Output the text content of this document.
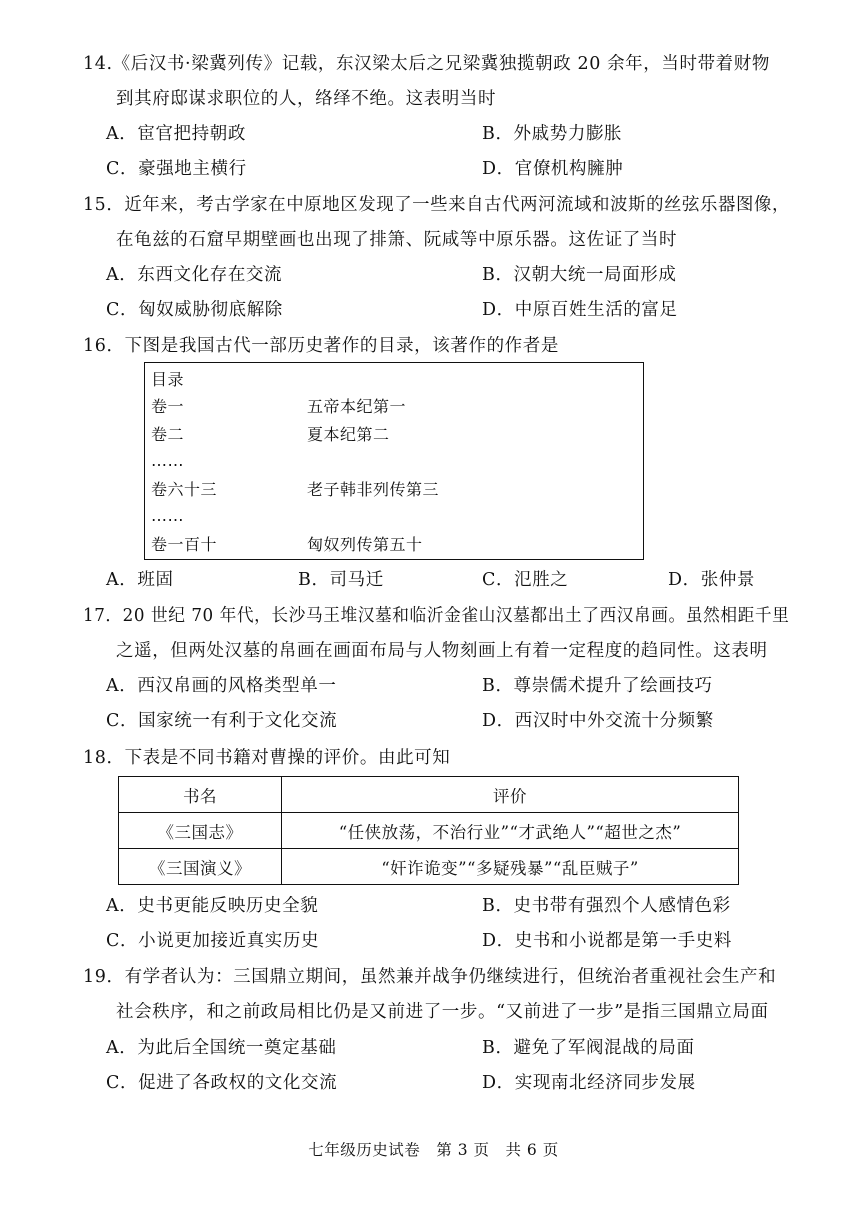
14.《后汉书·梁冀列传》记载，东汉梁太后之兄梁冀独揽朝政 20 余年，当时带着财物
到其府邸谋求职位的人，络绎不绝。这表明当时
A．宦官把持朝政	B．外戚势力膨胀
C．豪强地主横行	D．官僚机构臃肿
15．近年来，考古学家在中原地区发现了一些来自古代两河流域和波斯的丝弦乐器图像，
在龟兹的石窟早期壁画也出现了排箫、阮咸等中原乐器。这佐证了当时
A．东西文化存在交流	B．汉朝大统一局面形成
C．匈奴威胁彻底解除	D．中原百姓生活的富足
16．下图是我国古代一部历史著作的目录，该著作的作者是
目录
卷一	五帝本纪第一
卷二	夏本纪第二
……
卷六十三	老子韩非列传第三
……
卷一百十	匈奴列传第五十
A．班固	B．司马迁	C．氾胜之	D．张仲景
17．20 世纪 70 年代，长沙马王堆汉墓和临沂金雀山汉墓都出土了西汉帛画。虽然相距千里
之遥，但两处汉墓的帛画在画面布局与人物刻画上有着一定程度的趋同性。这表明
A．西汉帛画的风格类型单一	B．尊崇儒术提升了绘画技巧
C．国家统一有利于文化交流	D．西汉时中外交流十分频繁
18．下表是不同书籍对曹操的评价。由此可知
书名	评价
《三国志》	“任侠放荡，不治行业”“才武绝人”“超世之杰”
《三国演义》	“奸诈诡变”“多疑残暴”“乱臣贼子”
A．史书更能反映历史全貌	B．史书带有强烈个人感情色彩
C．小说更加接近真实历史	D．史书和小说都是第一手史料
19．有学者认为：三国鼎立期间，虽然兼并战争仍继续进行，但统治者重视社会生产和
社会秩序，和之前政局相比仍是又前进了一步。“又前进了一步”是指三国鼎立局面
A．为此后全国统一奠定基础	B．避免了军阀混战的局面
C．促进了各政权的文化交流	D．实现南北经济同步发展
七年级历史试卷　第 3 页　共 6 页
